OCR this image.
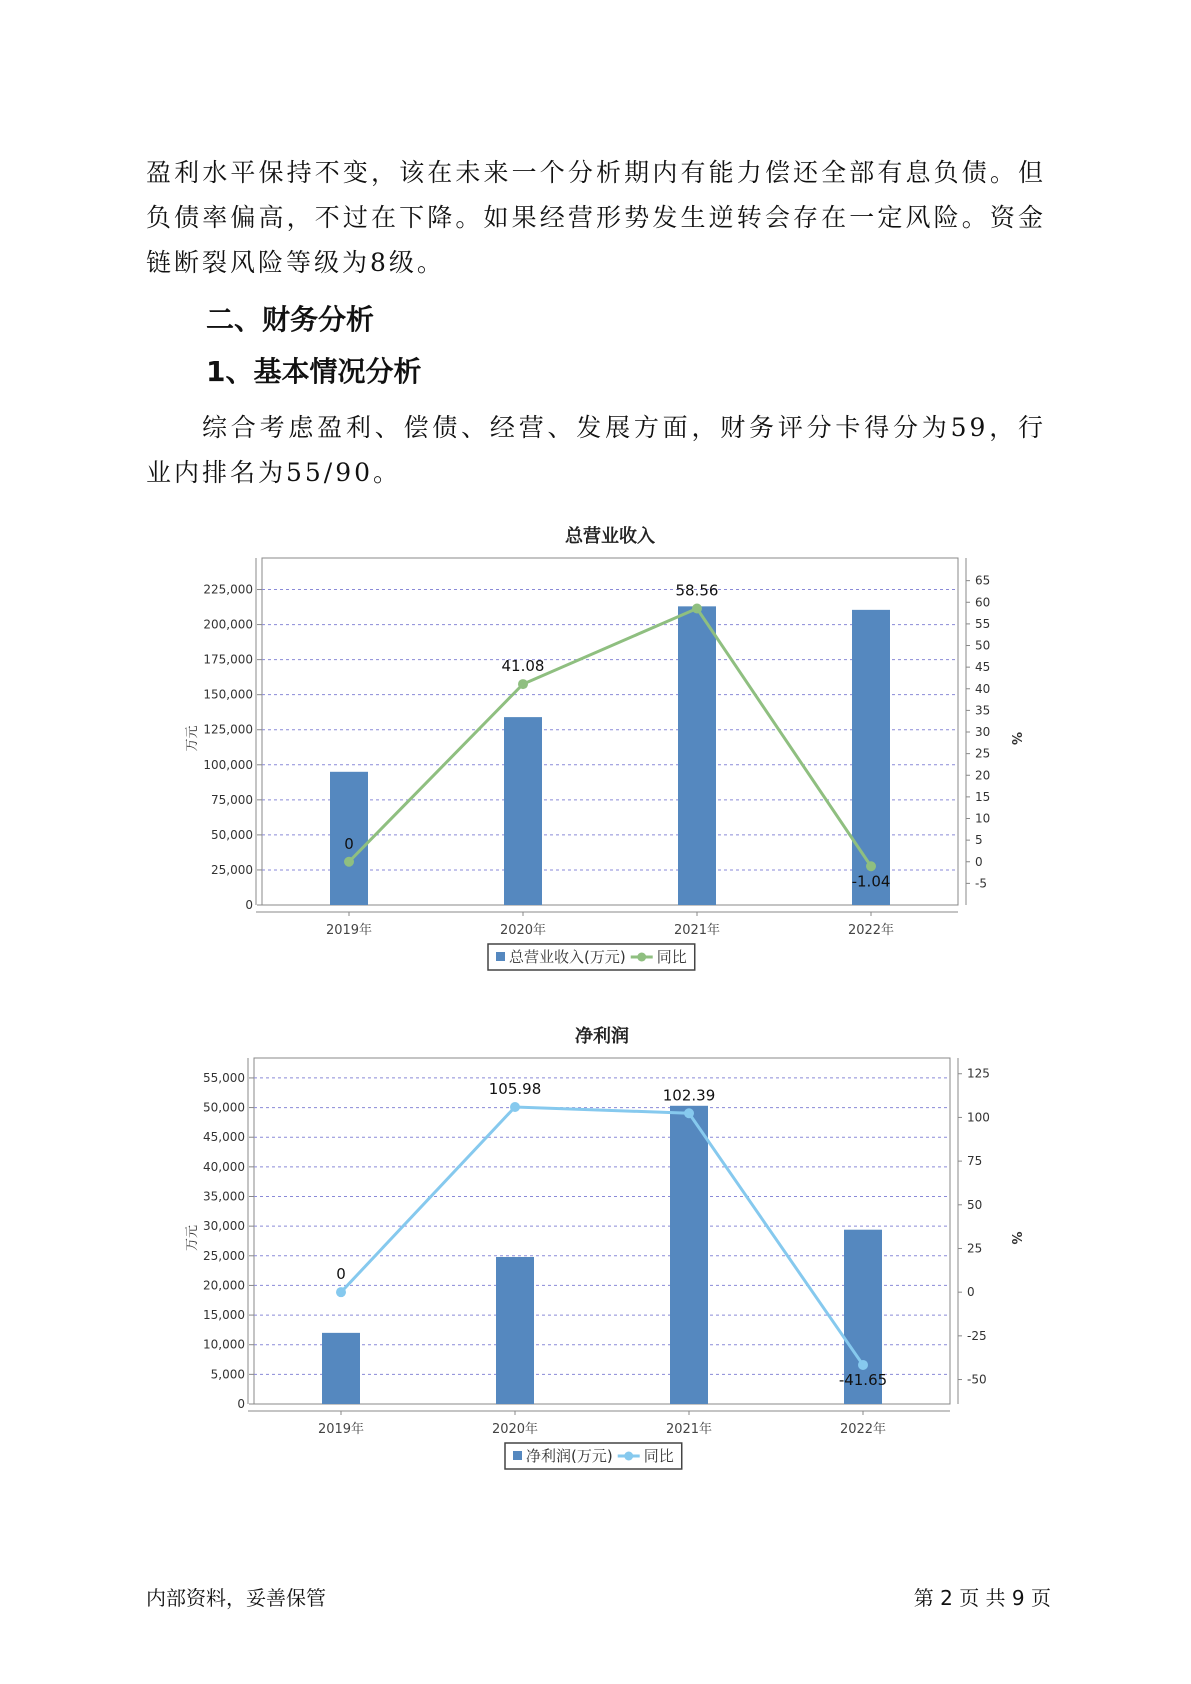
盈利水平保持不变，该在未来一个分析期内有能力偿还全部有息负债。但负债率偏高，不过在下降。如果经营形势发生逆转会存在一定风险。资金链断裂风险等级为8级。
二、财务分析
1、基本情况分析
综合考虑盈利、偿债、经营、发展方面，财务评分卡得分为59，行业内排名为55/90。
总营业收入
0
25,000
50,000
75,000
100,000
125,000
150,000
175,000
200,000
225,000
-5
0
5
10
15
20
25
30
35
40
45
50
55
60
65
2019年	2020年	2021年	2022年
万元	%
0
41.08
58.56
-1.04
总营业收入(万元) 同比
净利润
0
5,000
10,000
15,000
20,000
25,000
30,000
35,000
40,000
45,000
50,000
55,000
-50
-25
0
25
50
75
100
125
2019年	2020年	2021年	2022年
万元	%
0
105.98	102.39
-41.65
净利润(万元) 同比
内部资料，妥善保管	第 2 页 共 9 页
